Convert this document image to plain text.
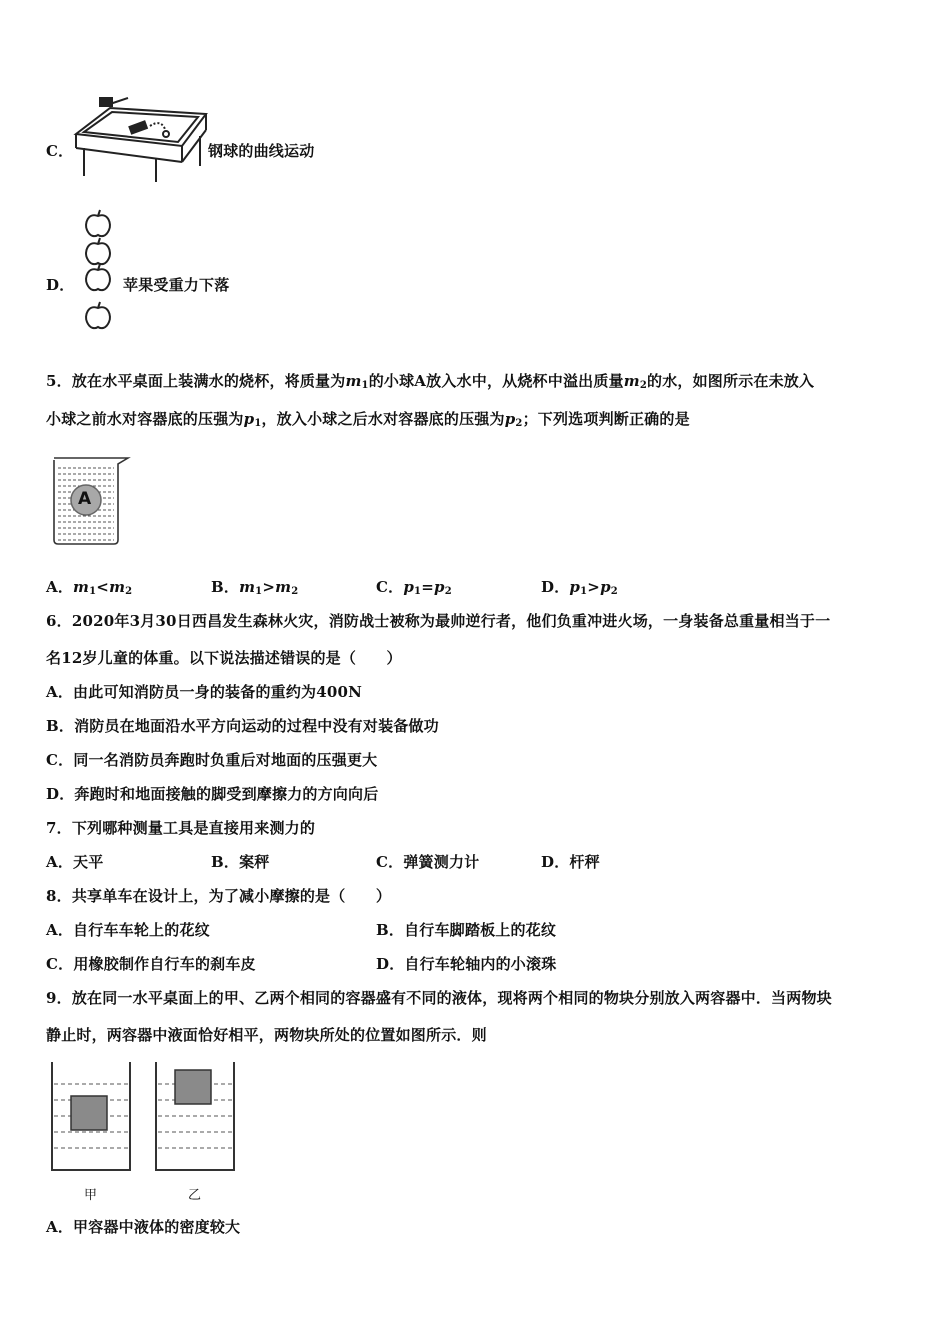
C．	钢球的曲线运动
D．	苹果受重力下落
5．放在水平桌面上装满水的烧杯，将质量为$m_1$的小球A放入水中，从烧杯中溢出质量$m_2$的水，如图所示在未放入
小球之前水对容器底的压强为$p_1$，放入小球之后水对容器底的压强为$p_2$；下列选项判断正确的是
A
A．$m_1<m_2$	B．$m_1>m_2$	C．$p_1=p_2$	D．$p_1>p_2$
6．2020年3月30日西昌发生森林火灾，消防战士被称为最帅逆行者，他们负重冲进火场，一身装备总重量相当于一
名12岁儿童的体重。以下说法描述错误的是（　　）
A．由此可知消防员一身的装备的重约为400N
B．消防员在地面沿水平方向运动的过程中没有对装备做功
C．同一名消防员奔跑时负重后对地面的压强更大
D．奔跑时和地面接触的脚受到摩擦力的方向向后
7．下列哪种测量工具是直接用来测力的
A．天平	B．案秤	C．弹簧测力计	D．杆秤
8．共享单车在设计上，为了减小摩擦的是（　　）
A．自行车车轮上的花纹	B．自行车脚踏板上的花纹
C．用橡胶制作自行车的刹车皮	D．自行车轮轴内的小滚珠
9．放在同一水平桌面上的甲、乙两个相同的容器盛有不同的液体，现将两个相同的物块分别放入两容器中．当两物块
静止时，两容器中液面恰好相平，两物块所处的位置如图所示．则
甲	乙
A．甲容器中液体的密度较大
